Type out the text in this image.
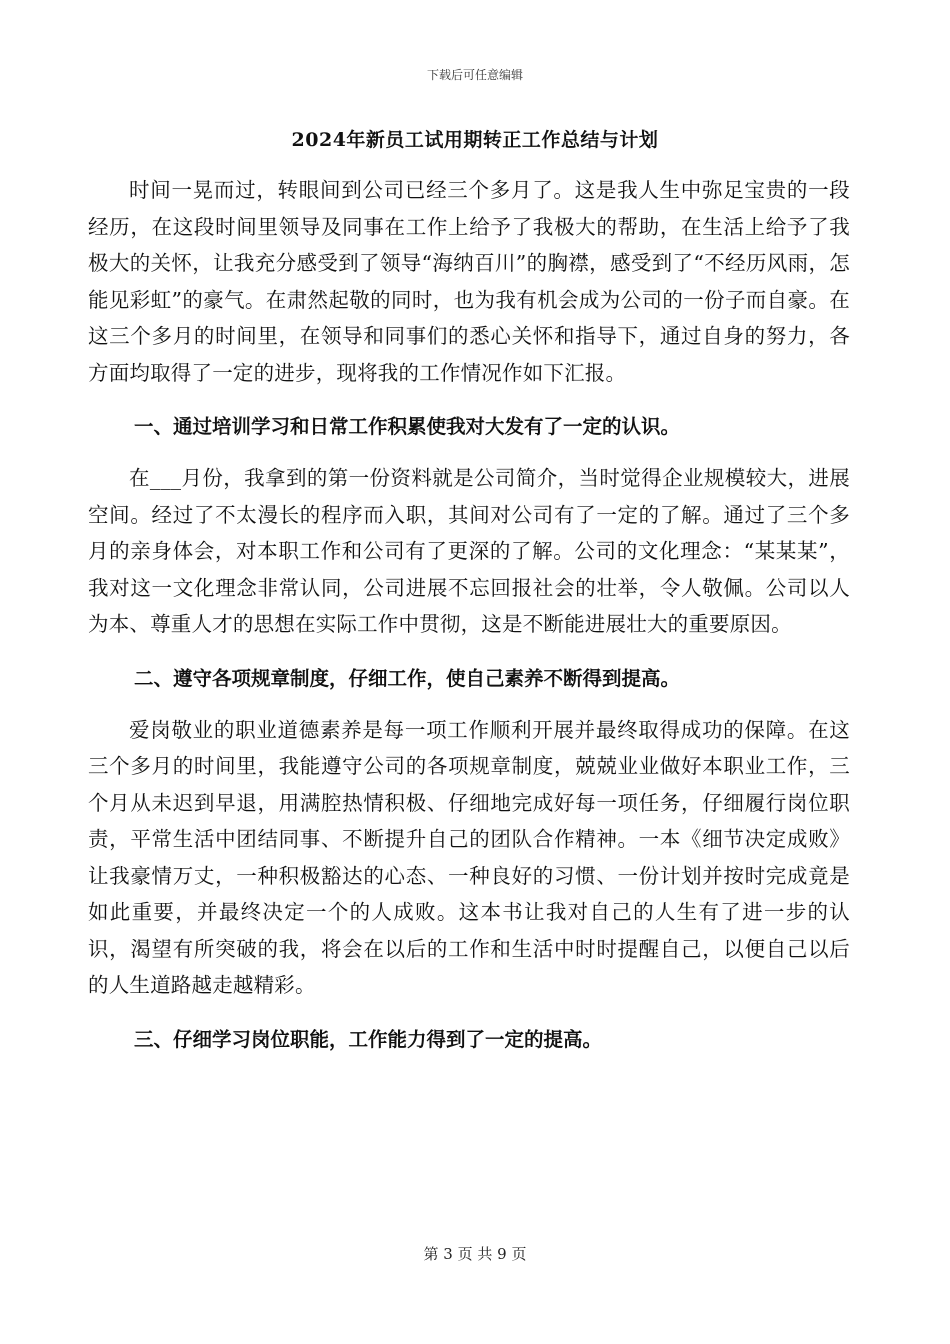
下载后可任意编辑
2024年新员工试用期转正工作总结与计划

时间一晃而过，转眼间到公司已经三个多月了。这是我人生中弥足宝贵的一段经历，在这段时间里领导及同事在工作上给予了我极大的帮助，在生活上给予了我极大的关怀，让我充分感受到了领导“海纳百川”的胸襟，感受到了“不经历风雨，怎能见彩虹”的豪气。在肃然起敬的同时，也为我有机会成为公司的一份子而自豪。在这三个多月的时间里，在领导和同事们的悉心关怀和指导下，通过自身的努力，各方面均取得了一定的进步，现将我的工作情况作如下汇报。

一、通过培训学习和日常工作积累使我对大发有了一定的认识。

在___月份，我拿到的第一份资料就是公司简介，当时觉得企业规模较大，进展空间。经过了不太漫长的程序而入职，其间对公司有了一定的了解。通过了三个多月的亲身体会，对本职工作和公司有了更深的了解。公司的文化理念：“某某某”，我对这一文化理念非常认同，公司进展不忘回报社会的壮举，令人敬佩。公司以人为本、尊重人才的思想在实际工作中贯彻，这是不断能进展壮大的重要原因。

二、遵守各项规章制度，仔细工作，使自己素养不断得到提高。

爱岗敬业的职业道德素养是每一项工作顺利开展并最终取得成功的保障。在这三个多月的时间里，我能遵守公司的各项规章制度，兢兢业业做好本职业工作，三个月从未迟到早退，用满腔热情积极、仔细地完成好每一项任务，仔细履行岗位职责，平常生活中团结同事、不断提升自己的团队合作精神。一本《细节决定成败》让我豪情万丈，一种积极豁达的心态、一种良好的习惯、一份计划并按时完成竟是如此重要，并最终决定一个的人成败。这本书让我对自己的人生有了进一步的认识，渴望有所突破的我，将会在以后的工作和生活中时时提醒自己，以便自己以后的人生道路越走越精彩。

三、仔细学习岗位职能，工作能力得到了一定的提高。

第 3 页 共 9 页
